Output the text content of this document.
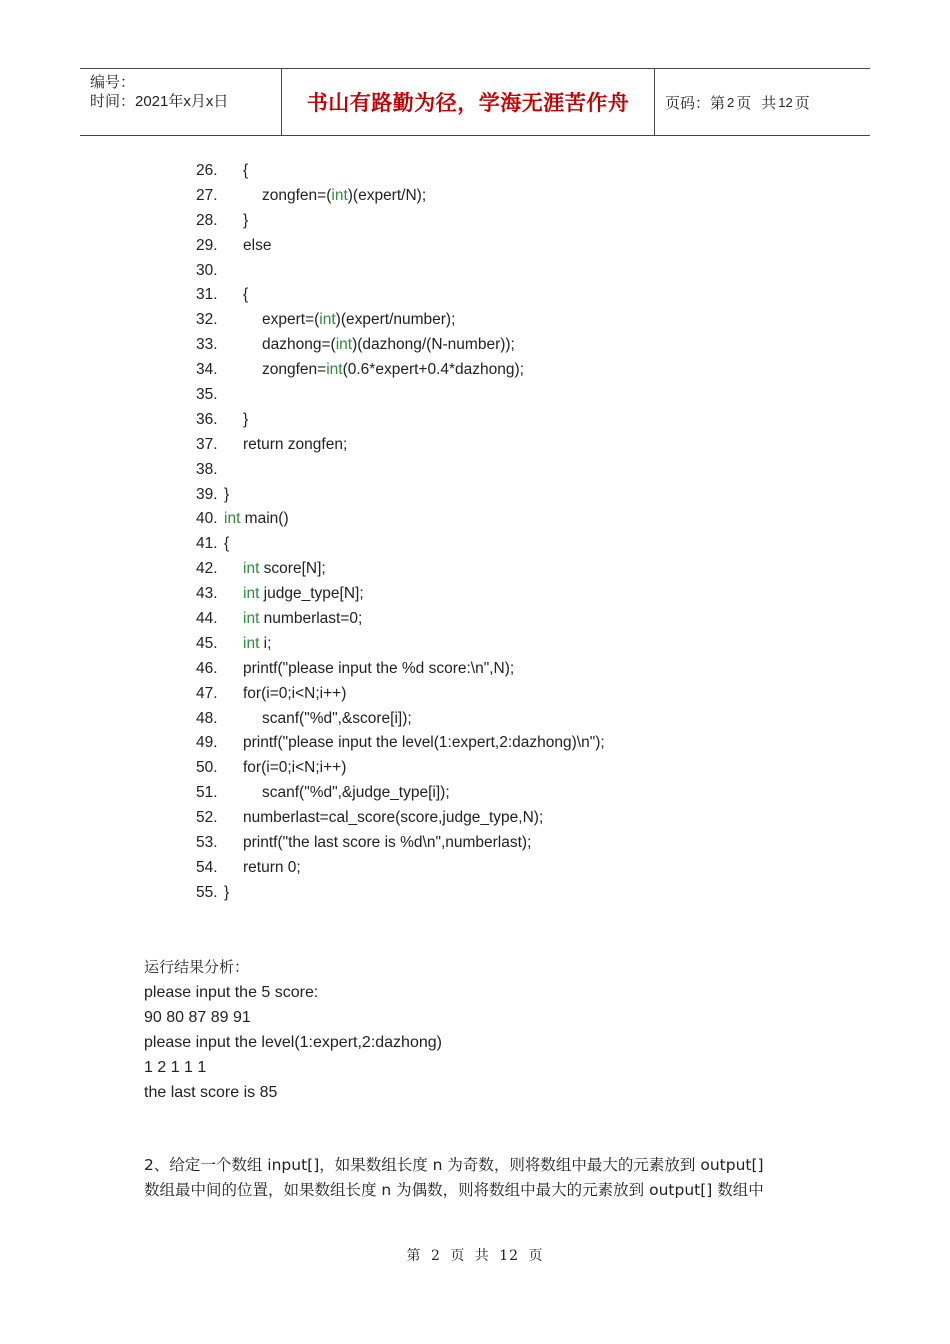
编号：
时间：2021年x月x日	书山有路勤为径，学海无涯苦作舟 页码：第 2 页 共 12 页
26. {
27.	zongfen=(int)(expert/N);
28. }
29. else
30.
31. {
32.	expert=(int)(expert/number);
33.	dazhong=(int)(dazhong/(N-number));
34.	zongfen=int(0.6*expert+0.4*dazhong);
35.
36. }
37. return zongfen;
38.
39. }
40. int main()
41. {
42. int score[N];
43. int judge_type[N];
44. int numberlast=0;
45. int i;
46. printf("please input the %d score:\n",N);
47. for(i=0;i<N;i++)
48.	scanf("%d",&score[i]);
49. printf("please input the level(1:expert,2:dazhong)\n");
50. for(i=0;i<N;i++)
51.	scanf("%d",&judge_type[i]);
52. numberlast=cal_score(score,judge_type,N);
53. printf("the last score is %d\n",numberlast);
54. return 0;
55. }
运行结果分析：
please input the 5 score:
90 80 87 89 91
please input the level(1:expert,2:dazhong)
1 2 1 1 1
the last score is 85
2、给定一个数组 input[]，如果数组长度 n 为奇数，则将数组中最大的元素放到 output[]
数组最中间的位置，如果数组长度 n 为偶数，则将数组中最大的元素放到 output[] 数组中
第 2 页 共 12 页
